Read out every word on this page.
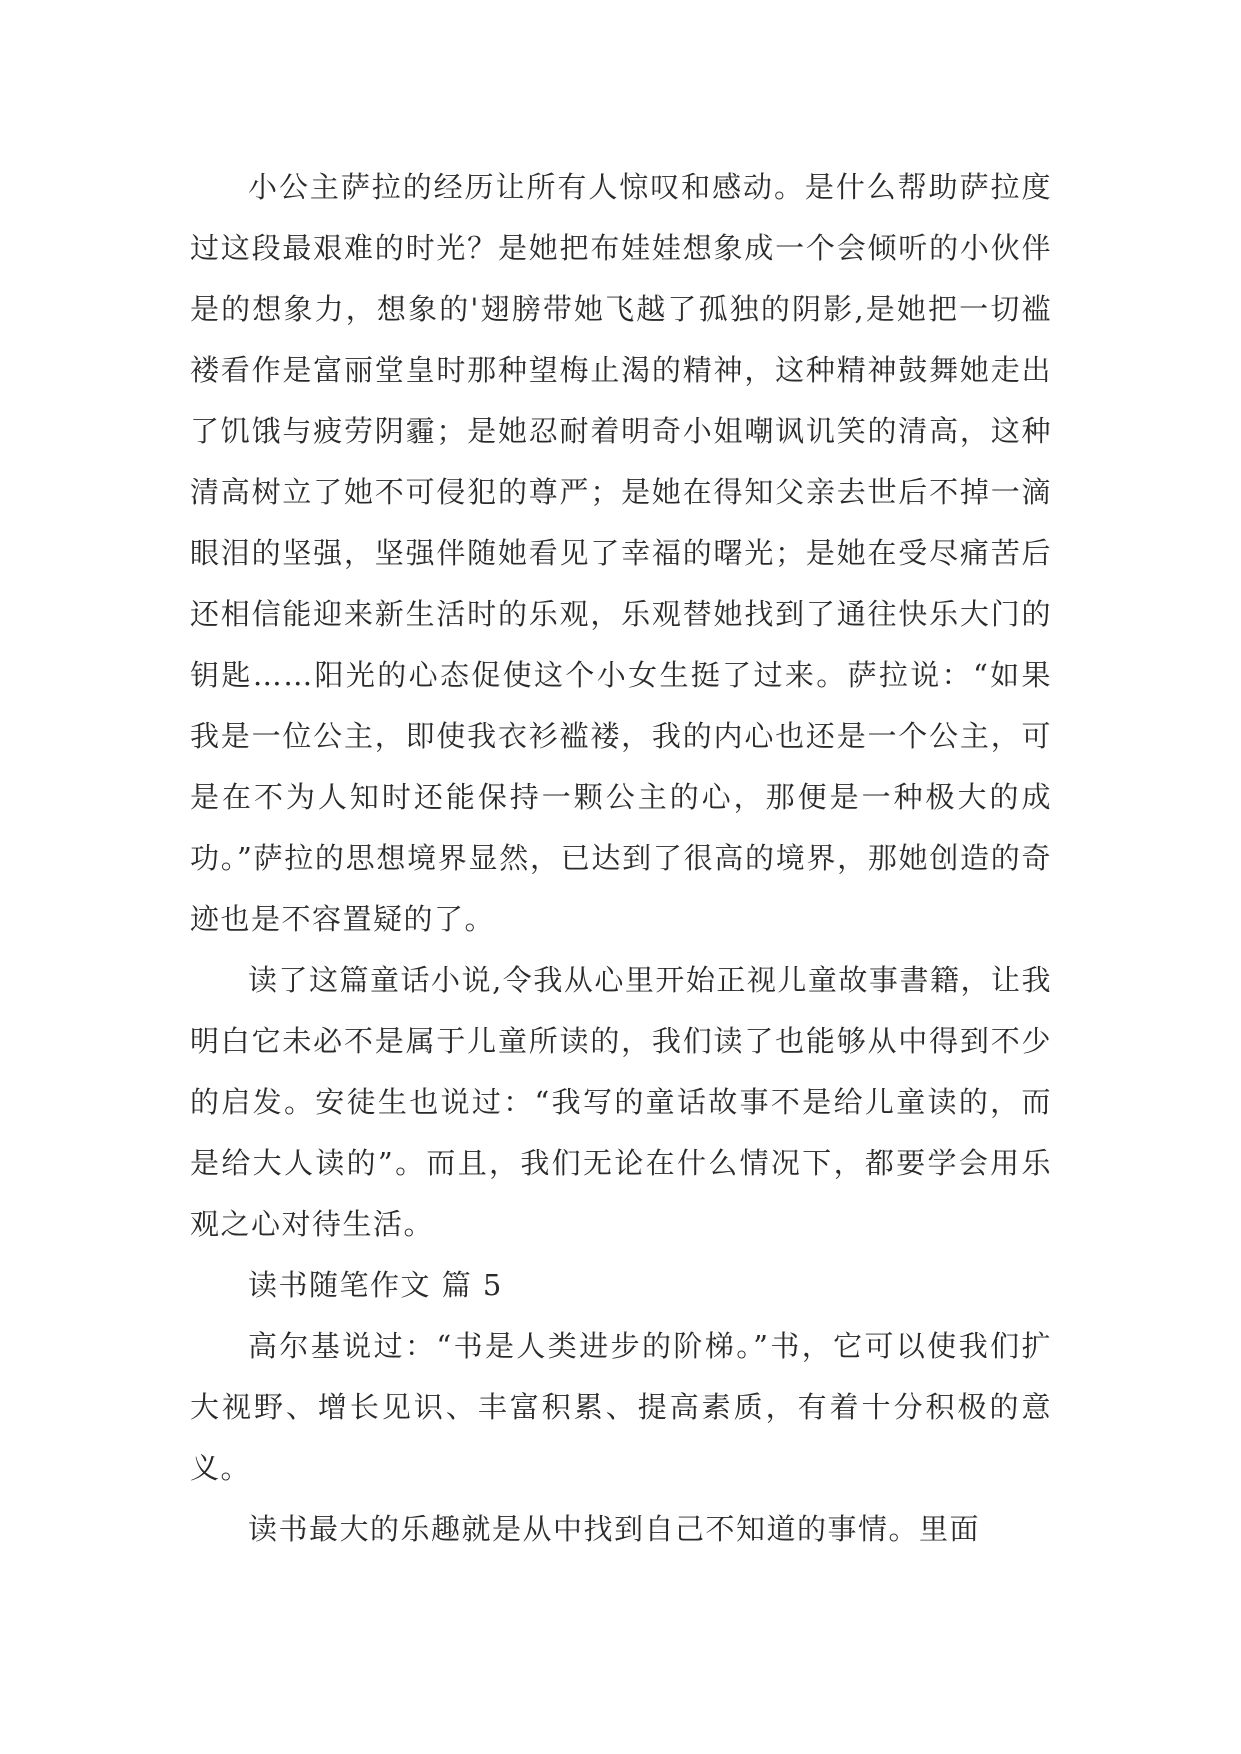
小公主萨拉的经历让所有人惊叹和感动。是什么帮助萨拉度过这段最艰难的时光？是她把布娃娃想象成一个会倾听的小伙伴是的想象力，想象的'翅膀带她飞越了孤独的阴影,是她把一切褴褛看作是富丽堂皇时那种望梅止渴的精神，这种精神鼓舞她走出了饥饿与疲劳阴霾；是她忍耐着明奇小姐嘲讽讥笑的清高，这种清高树立了她不可侵犯的尊严；是她在得知父亲去世后不掉一滴眼泪的坚强，坚强伴随她看见了幸福的曙光；是她在受尽痛苦后还相信能迎来新生活时的乐观，乐观替她找到了通往快乐大门的钥匙……阳光的心态促使这个小女生挺了过来。萨拉说：“如果我是一位公主，即使我衣衫褴褛，我的内心也还是一个公主，可是在不为人知时还能保持一颗公主的心，那便是一种极大的成功。”萨拉的思想境界显然，已达到了很高的境界，那她创造的奇迹也是不容置疑的了。

读了这篇童话小说,令我从心里开始正视儿童故事書籍，让我明白它未必不是属于儿童所读的，我们读了也能够从中得到不少的启发。安徒生也说过：“我写的童话故事不是给儿童读的，而是给大人读的”。而且，我们无论在什么情况下，都要学会用乐观之心对待生活。

读书随笔作文 篇 5

高尔基说过：“书是人类进步的阶梯。”书，它可以使我们扩大视野、增长见识、丰富积累、提高素质，有着十分积极的意义。

读书最大的乐趣就是从中找到自己不知道的事情。里面
